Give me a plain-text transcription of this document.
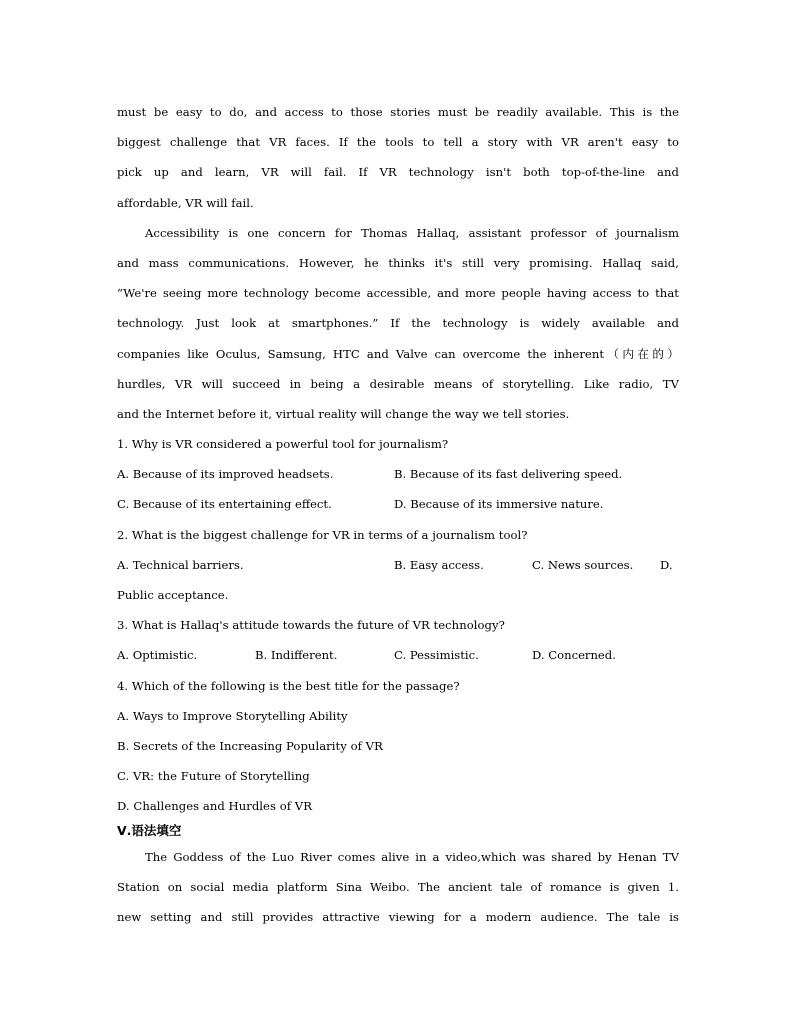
must be easy to do, and access to those stories must be readily available. This is the
biggest challenge that VR faces. If the tools to tell a story with VR aren't easy to
pick up and learn, VR will fail. If VR technology isn't both top-of-the-line and
affordable, VR will fail.
Accessibility is one concern for Thomas Hallaq, assistant professor of journalism
and mass communications. However, he thinks it's still very promising. Hallaq said,
“We're seeing more technology become accessible, and more people having access to that
technology. Just look at smartphones.” If the technology is widely available and
companies like Oculus, Samsung, HTC and Valve can overcome the inherent（内在的）
hurdles, VR will succeed in being a desirable means of storytelling. Like radio, TV
and the Internet before it, virtual reality will change the way we tell stories.
1. Why is VR considered a powerful tool for journalism?
A. Because of its improved headsets.	B. Because of its fast delivering speed.
C. Because of its entertaining effect.	D. Because of its immersive nature.
2. What is the biggest challenge for VR in terms of a journalism tool?
A. Technical barriers.	B. Easy access.	C. News sources.	D.
Public acceptance.
3. What is Hallaq's attitude towards the future of VR technology?
A. Optimistic.	B. Indifferent.	C. Pessimistic.	D. Concerned.
4. Which of the following is the best title for the passage?
A. Ways to Improve Storytelling Ability
B. Secrets of the Increasing Popularity of VR
C. VR: the Future of Storytelling
D. Challenges and Hurdles of VR
Ⅴ.语法填空
The Goddess of the Luo River comes alive in a video,which was shared by Henan TV
Station on social media platform Sina Weibo. The ancient tale of romance is given 1.
new setting and still provides attractive viewing for a modern audience. The tale is
